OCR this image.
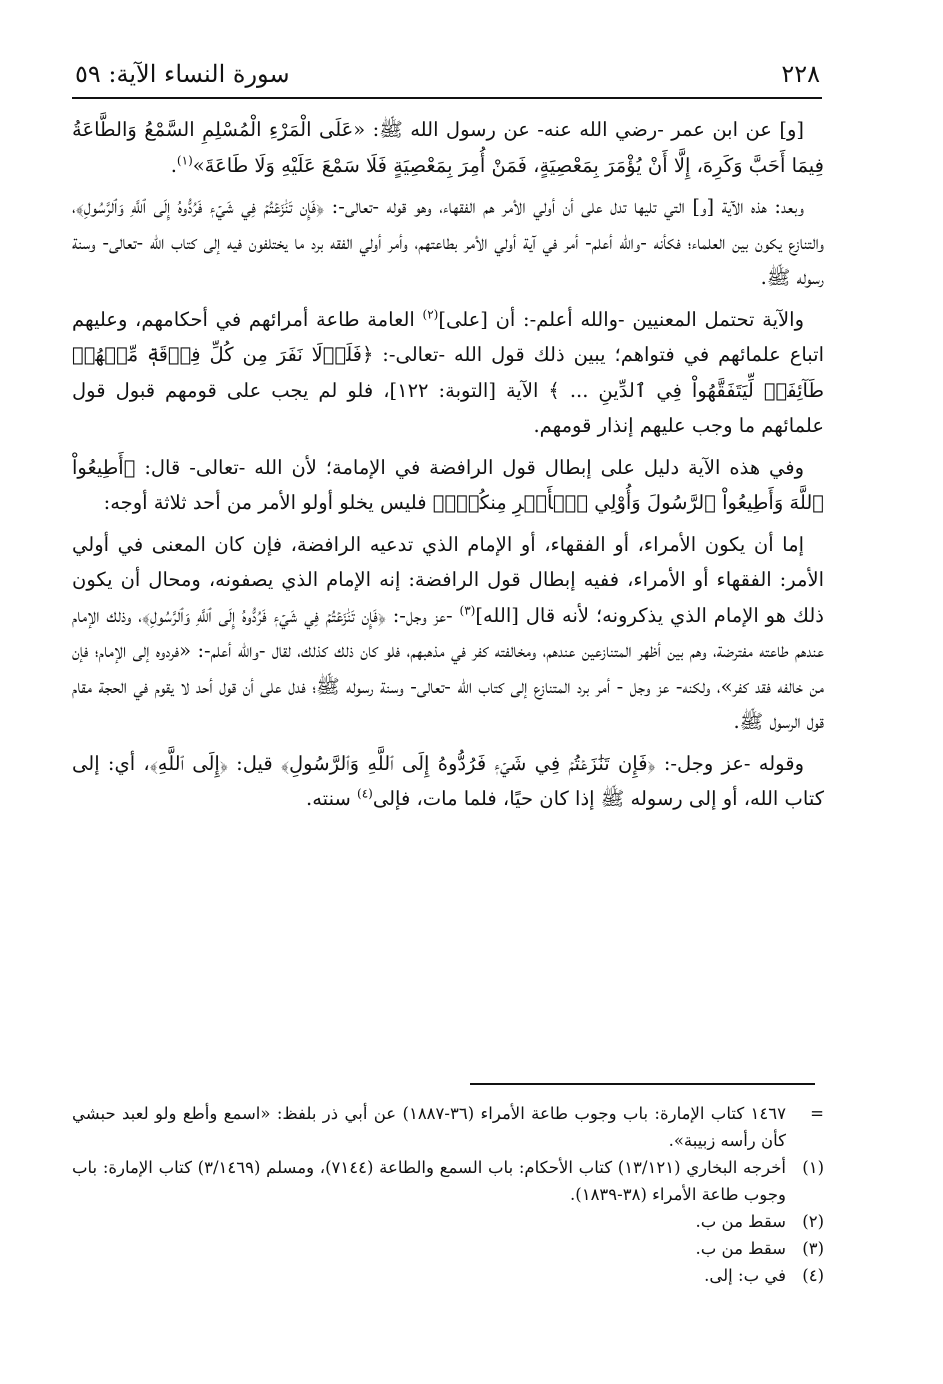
٢٢٨
سورة النساء الآية: ٥٩

[و] عن ابن عمر -رضي الله عنه- عن رسول الله ﷺ: «عَلَى الْمَرْءِ الْمُسْلِمِ السَّمْعُ وَالطَّاعَةُ فِيمَا أَحَبَّ وَكَرِهَ، إِلَّا أَنْ يُؤْمَرَ بِمَعْصِيَةٍ، فَمَنْ أُمِرَ بِمَعْصِيَةٍ فَلَا سَمْعَ عَلَيْهِ وَلَا طَاعَةَ»$^{(١)}$.

وبعد: هذه الآية [و] التي تليها تدل على أن أولي الأمر هم الفقهاء، وهو قوله -تعالى-: ﴿فَإِن تَنَٰزَعۡتُمۡ فِي شَيۡءٖ فَرُدُّوهُ إِلَى ٱللَّهِ وَٱلرَّسُولِ﴾، والتنازع يكون بين العلماء؛ فكأنه -والله أعلم- أمر في آية أولي الأمر بطاعتهم، وأمر أولي الفقه برد ما يختلفون فيه إلى كتاب الله -تعالى- وسنة رسوله ﷺ.

والآية تحتمل المعنيين -والله أعلم-: أن [على]$^{(٢)}$ العامة طاعة أمرائهم في أحكامهم، وعليهم اتباع علمائهم في فتواهم؛ يبين ذلك قول الله -تعالى-: ﴿فَلَوۡلَا نَفَرَ مِن كُلِّ فِرۡقَةٖ مِّنۡهُمۡ طَآئِفَةٞ لِّيَتَفَقَّهُواْ فِي ٱلدِّينِ ... ﴾ الآية [التوبة: ١٢٢]، فلو لم يجب على قومهم قبول قول علمائهم ما وجب عليهم إنذار قومهم.

وفي هذه الآية دليل على إبطال قول الرافضة في الإمامة؛ لأن الله -تعالى- قال: ﴿أَطِيعُواْ ٱللَّهَ وَأَطِيعُواْ ٱلرَّسُولَ وَأُوْلِي ٱلۡأَمۡرِ مِنكُمۡۖ﴾ فليس يخلو أولو الأمر من أحد ثلاثة أوجه:

إما أن يكون الأمراء، أو الفقهاء، أو الإمام الذي تدعيه الرافضة، فإن كان المعنى في أولي الأمر: الفقهاء أو الأمراء، ففيه إبطال قول الرافضة: إنه الإمام الذي يصفونه، ومحال أن يكون ذلك هو الإمام الذي يذكرونه؛ لأنه قال [الله]$^{(٣)}$ -عز وجل-: ﴿فَإِن تَنَٰزَعۡتُمۡ فِي شَيۡءٖ فَرُدُّوهُ إِلَى ٱللَّهِ وَٱلرَّسُولِ﴾، وذلك الإمام عندهم طاعته مفترضة، وهم بين أظهر المتنازعين عندهم، ومخالفته كفر في مذهبهم، فلو كان ذلك كذلك، لقال -والله أعلم-: «فردوه إلى الإمام؛ فإن من خالفه فقد كفر»، ولكنه- عز وجل - أمر برد المتنازع إلى كتاب الله -تعالى- وسنة رسوله ﷺ؛ فدل على أن قول أحد لا يقوم في الحجة مقام قول الرسول ﷺ.

وقوله -عز وجل-: ﴿فَإِن تَنَٰزَعۡتُمۡ فِي شَيۡءٖ فَرُدُّوهُ إِلَى ٱللَّهِ وَٱلرَّسُولِ﴾ قيل: ﴿إِلَى ٱللَّهِ﴾، أي: إلى كتاب الله، أو إلى رسوله ﷺ إذا كان حيًا، فلما مات، فإلى$^{(٤)}$ سنته.

=
١٤٦٧ كتاب الإمارة: باب وجوب طاعة الأمراء (٣٦-١٨٨٧) عن أبي ذر بلفظ: «اسمع وأطع ولو لعبد حبشي كأن رأسه زبيبة».
(١)
أخرجه البخاري (١٣/١٢١) كتاب الأحكام: باب السمع والطاعة (٧١٤٤)، ومسلم (٣/١٤٦٩) كتاب الإمارة: باب وجوب طاعة الأمراء (٣٨-١٨٣٩).
(٢)
سقط من ب.
(٣)
سقط من ب.
(٤)
في ب: إلى.
